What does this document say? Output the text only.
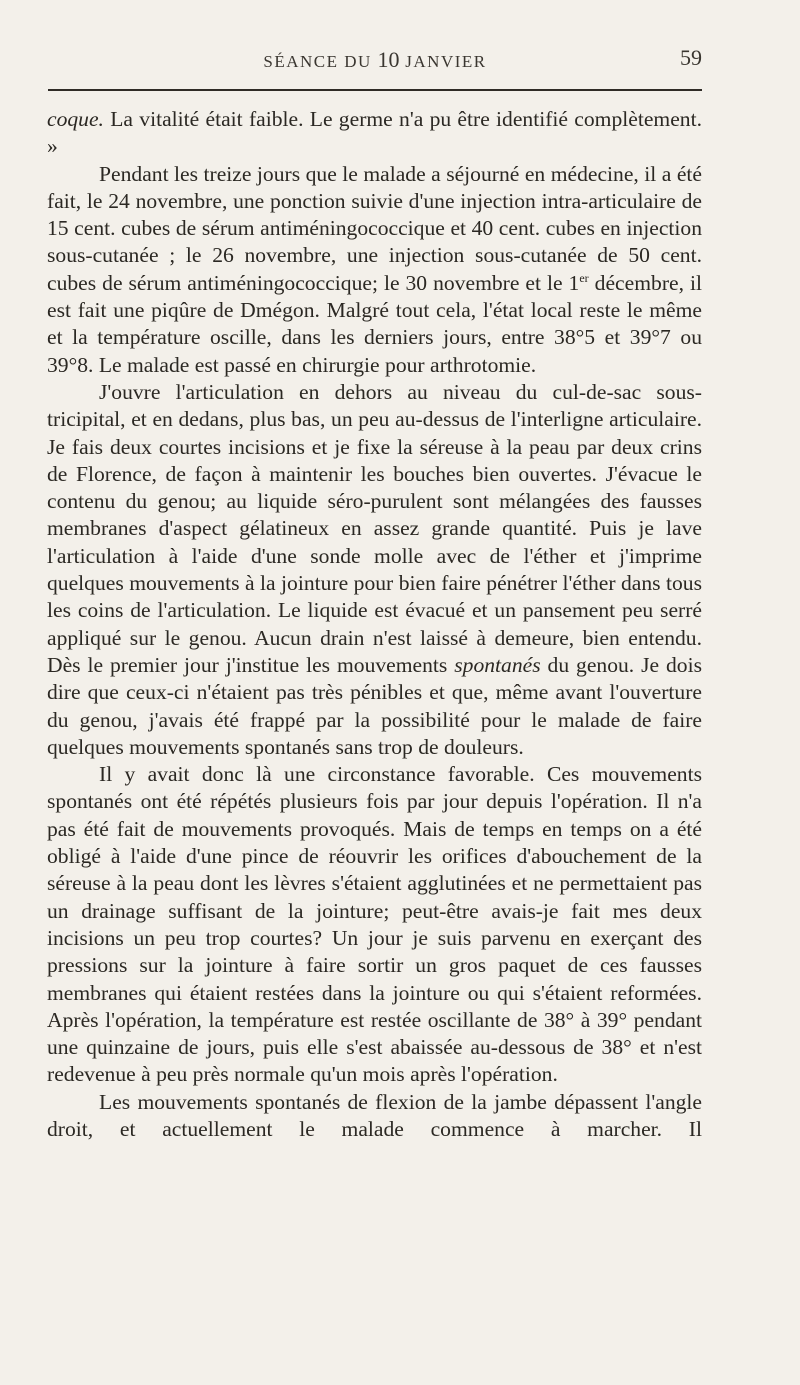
SÉANCE DU 10 JANVIER	59

coque. La vitalité était faible. Le germe n'a pu être identifié complètement. »

Pendant les treize jours que le malade a séjourné en médecine, il a été fait, le 24 novembre, une ponction suivie d'une injection intra-articulaire de 15 cent. cubes de sérum antiméningococcique et 40 cent. cubes en injection sous-cutanée ; le 26 novembre, une injection sous-cutanée de 50 cent. cubes de sérum antiméningococcique; le 30 novembre et le 1er décembre, il est fait une piqûre de Dmégon. Malgré tout cela, l'état local reste le même et la température oscille, dans les derniers jours, entre 38°5 et 39°7 ou 39°8. Le malade est passé en chirurgie pour arthrotomie.

J'ouvre l'articulation en dehors au niveau du cul-de-sac sous-tricipital, et en dedans, plus bas, un peu au-dessus de l'interligne articulaire. Je fais deux courtes incisions et je fixe la séreuse à la peau par deux crins de Florence, de façon à maintenir les bouches bien ouvertes. J'évacue le contenu du genou; au liquide séro-purulent sont mélangées des fausses membranes d'aspect gélatineux en assez grande quantité. Puis je lave l'articulation à l'aide d'une sonde molle avec de l'éther et j'imprime quelques mouvements à la jointure pour bien faire pénétrer l'éther dans tous les coins de l'articulation. Le liquide est évacué et un pansement peu serré appliqué sur le genou. Aucun drain n'est laissé à demeure, bien entendu. Dès le premier jour j'institue les mouvements spontanés du genou. Je dois dire que ceux-ci n'étaient pas très pénibles et que, même avant l'ouverture du genou, j'avais été frappé par la possibilité pour le malade de faire quelques mouvements spontanés sans trop de douleurs.

Il y avait donc là une circonstance favorable. Ces mouvements spontanés ont été répétés plusieurs fois par jour depuis l'opération. Il n'a pas été fait de mouvements provoqués. Mais de temps en temps on a été obligé à l'aide d'une pince de réouvrir les orifices d'abouchement de la séreuse à la peau dont les lèvres s'étaient agglutinées et ne permettaient pas un drainage suffisant de la jointure; peut-être avais-je fait mes deux incisions un peu trop courtes? Un jour je suis parvenu en exerçant des pressions sur la jointure à faire sortir un gros paquet de ces fausses membranes qui étaient restées dans la jointure ou qui s'étaient reformées. Après l'opération, la température est restée oscillante de 38° à 39° pendant une quinzaine de jours, puis elle s'est abaissée au-dessous de 38° et n'est redevenue à peu près normale qu'un mois après l'opération.

Les mouvements spontanés de flexion de la jambe dépassent l'angle droit, et actuellement le malade commence à marcher. Il
